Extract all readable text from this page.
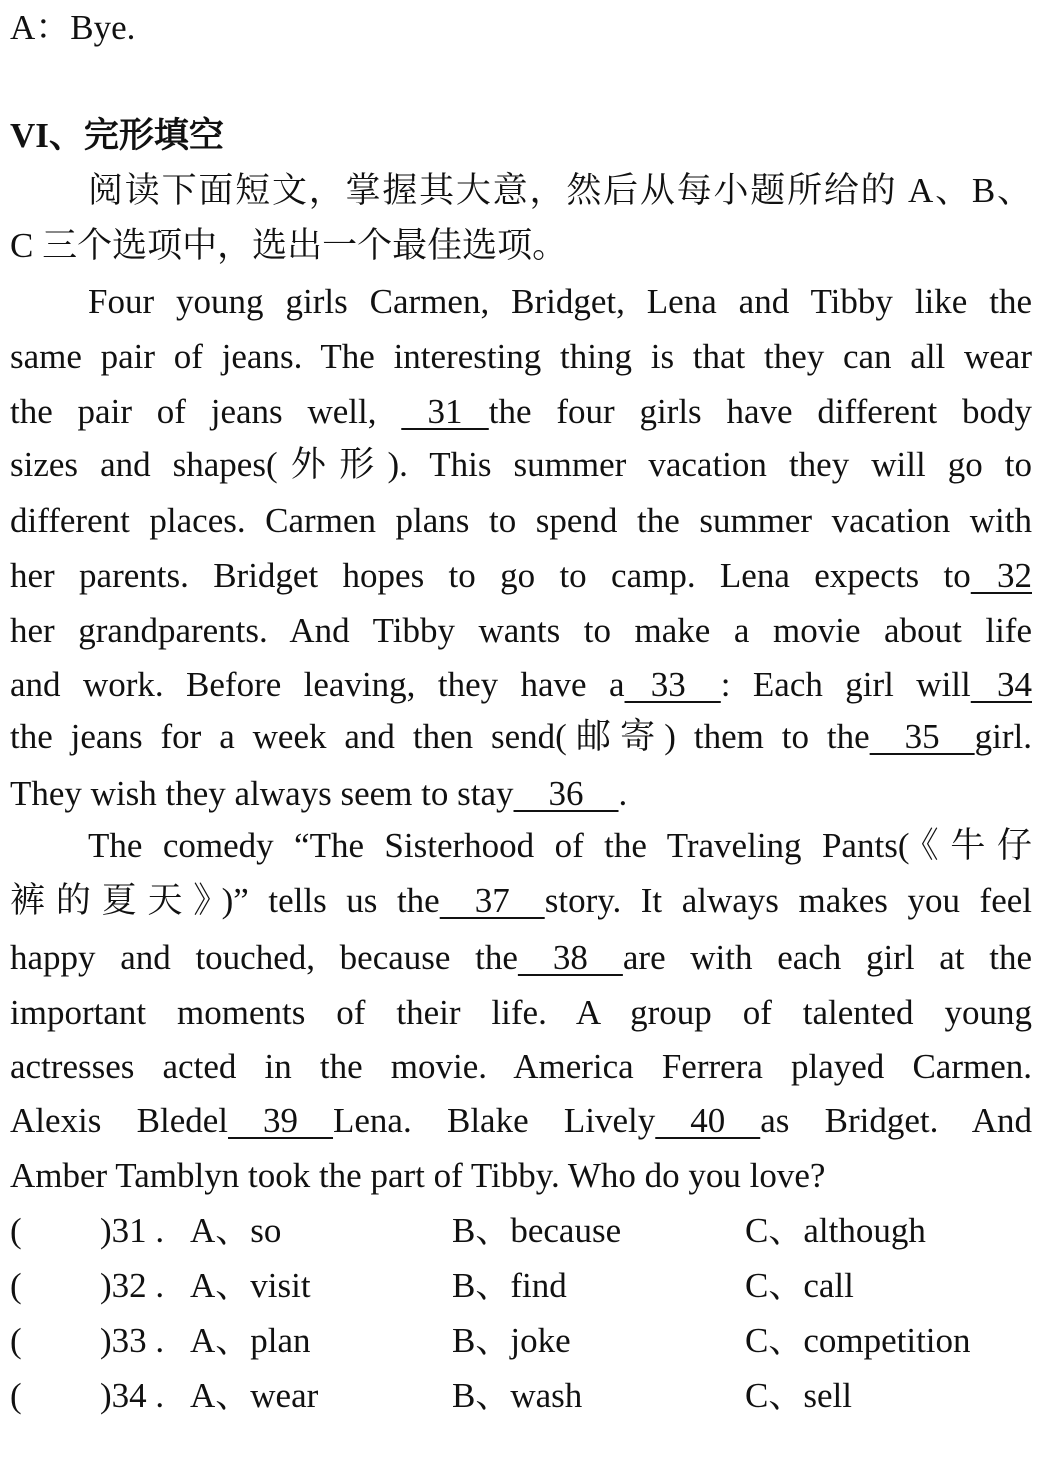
A：Bye.
VI、完形填空
阅读下面短文，掌握其大意，然后从每小题所给的 A、B、
C 三个选项中，选出一个最佳选项。
Four young girls Carmen, Bridget, Lena and Tibby like the
same pair of jeans. The interesting thing is that they can all wear
the pair of jeans well,    31   the four girls have different body
sizes and shapes(外形). This summer vacation they will go to
different places. Carmen plans to spend the summer vacation with
her parents. Bridget hopes to go to camp. Lena expects to   32
her grandparents. And Tibby wants to make a movie about life
and work. Before leaving, they have a   33    : Each girl will   34
the jeans for a week and then send(邮寄) them to the    35    girl.
They wish they always seem to stay    36    .
The comedy “The Sisterhood of the Traveling Pants(《牛仔
裤的夏天》)” tells us the    37    story. It always makes you feel
happy and touched, because the    38    are with each girl at the
important moments of their life. A group of talented young
actresses acted in the movie. America Ferrera played Carmen.
Alexis Bledel    39    Lena. Blake Lively    40    as Bridget. And
Amber Tamblyn took the part of Tibby. Who do you love?
( )31 . A、so	B、because	C、although
( )32 . A、visit	B、find	C、call
( )33 . A、plan	B、joke	C、competition
( )34 . A、wear	B、wash	C、sell
